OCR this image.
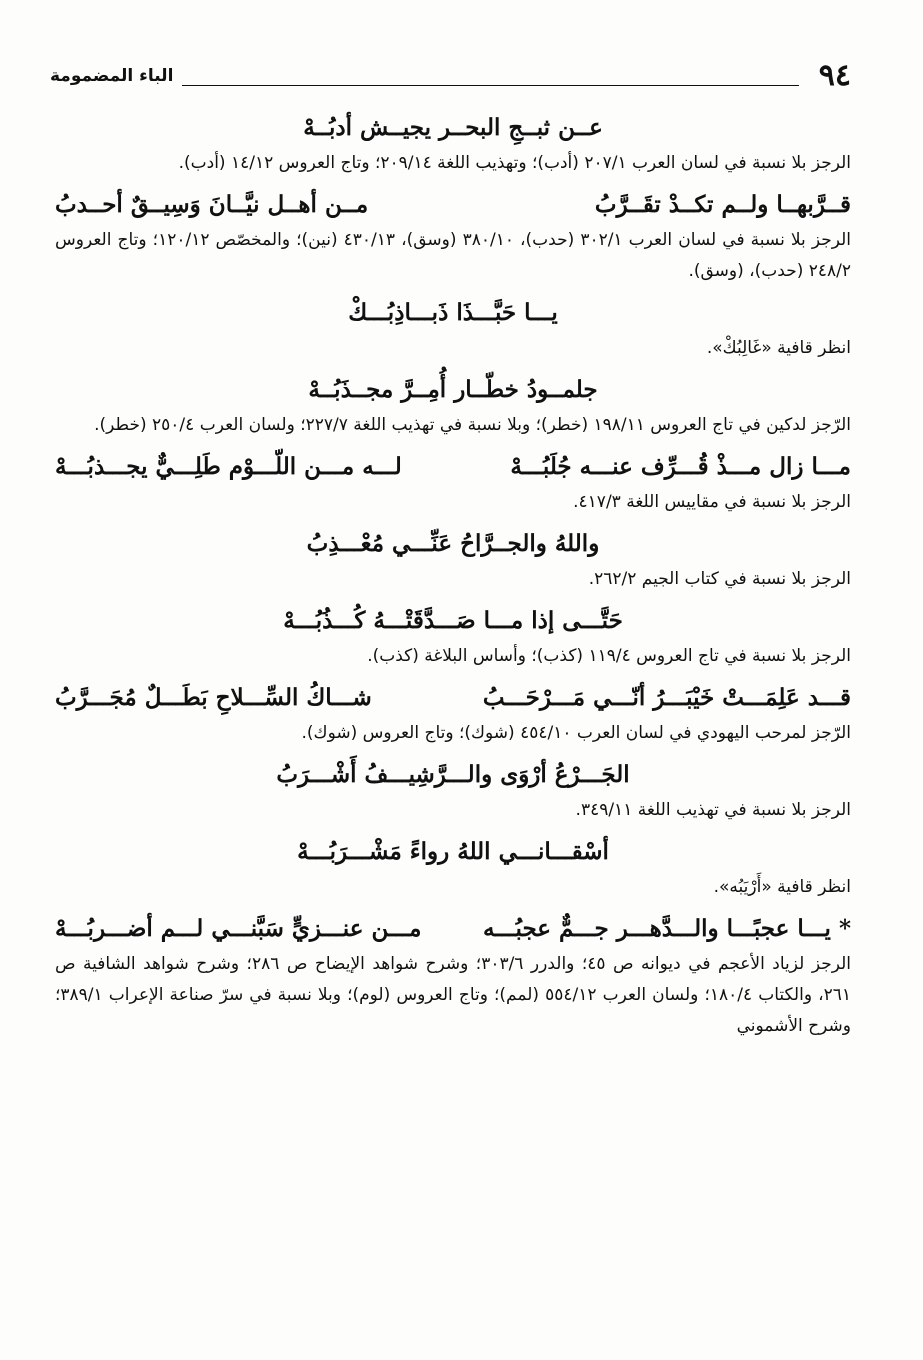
٩٤
الباء المضمومة
عــن ثبــجِ البحــر يجيــش أدبُــهْ
الرجز بلا نسبة في لسان العرب ٢٠٧/١ (أدب)؛ وتهذيب اللغة ٢٠٩/١٤؛ وتاج العروس ١٤/١٢ (أدب).
قــرَّبهــا ولــم تكــدْ تقَــرَّبُ
مــن أهــل نيَّــانَ وَسِيــقٌ أحــدبُ
الرجز بلا نسبة في لسان العرب ٣٠٢/١ (حدب)، ٣٨٠/١٠ (وسق)، ٤٣٠/١٣ (نين)؛ والمخصّص ١٢٠/١٢؛ وتاج العروس ٢٤٨/٢ (حدب)، (وسق).
يـــا حَبَّـــذَا ذَبـــاذِبُـــكْ
انظر قافية «غَالِبُكْ».
جلمــودُ خطّــار أُمِــرَّ مجــذَبُــهْ
الرّجز لدكين في تاج العروس ١٩٨/١١ (خطر)؛ وبلا نسبة في تهذيب اللغة ٢٢٧/٧؛ ولسان العرب ٢٥٠/٤ (خطر).
مـــا زال مـــذْ قُـــرِّف عنـــه جُلَبُـــهْ
لـــه مـــن اللّـــوْم طَلِـــيٌّ يجـــذبُـــهْ
الرجز بلا نسبة في مقاييس اللغة ٤١٧/٣.
واللهُ والجــرَّاحُ عَنِّـــي مُعْـــذِبُ
الرجز بلا نسبة في كتاب الجيم ٢٦٢/٢.
حَتَّـــى إذا مـــا صَـــدَّقَتْـــهُ كُـــذُبُـــهْ
الرجز بلا نسبة في تاج العروس ١١٩/٤ (كذب)؛ وأساس البلاغة (كذب).
قـــد عَلِمَـــتْ خَيْبَـــرُ أنّـــي مَـــرْحَـــبُ
شـــاكُ السِّـــلاحِ بَطَـــلٌ مُجَـــرَّبُ
الرّجز لمرحب اليهودي في لسان العرب ٤٥٤/١٠ (شوك)؛ وتاج العروس (شوك).
الجَـــرْعُ أرْوَى والـــرَّشِيـــفُ أَشْـــرَبُ
الرجز بلا نسبة في تهذيب اللغة ٣٤٩/١١.
أسْقـــانـــي اللهُ رواءً مَشْـــرَبُـــهْ
انظر قافية «أَرْيَبُه».
* يـــا عجبًـــا والـــدَّهـــر جـــمٌّ عجبُـــه
مـــن عنـــزيٍّ سَبَّنـــي لـــم أضـــربُـــهْ
الرجز لزياد الأعجم في ديوانه ص ٤٥؛ والدرر ٣٠٣/٦؛ وشرح شواهد الإيضاح ص ٢٨٦؛ وشرح شواهد الشافية ص ٢٦١، والكتاب ١٨٠/٤؛ ولسان العرب ٥٥٤/١٢ (لمم)؛ وتاج العروس (لوم)؛ وبلا نسبة في سرّ صناعة الإعراب ٣٨٩/١؛ وشرح الأشموني
